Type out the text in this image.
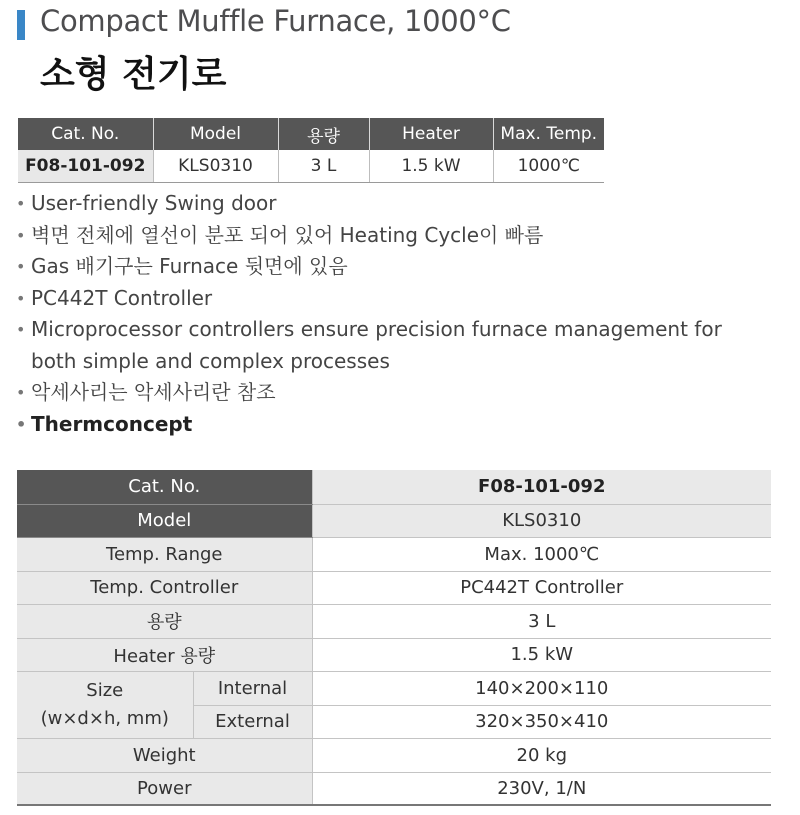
Compact Muffle Furnace, 1000°C
소형 전기로
Cat. No.	Model	용량	Heater	Max. Temp.
F08-101-092	KLS0310	3 L	1.5 kW	1000℃
• User-friendly Swing door
• 벽면 전체에 열선이 분포 되어 있어 Heating Cycle이 빠름
• Gas 배기구는 Furnace 뒷면에 있음
• PC442T Controller
• Microprocessor controllers ensure precision furnace management for
both simple and complex processes
• 악세사리는 악세사리란 참조
• Thermconcept
Cat. No.		F08-101-092
Model		KLS0310
Temp. Range		Max. 1000℃
Temp. Controller		PC442T Controller
용량		3 L
Heater 용량		1.5 kW

Size
(w×d×h, mm)	Internal	140×200×110
	External	320×350×410
Weight		20 kg
Power		230V, 1/N
